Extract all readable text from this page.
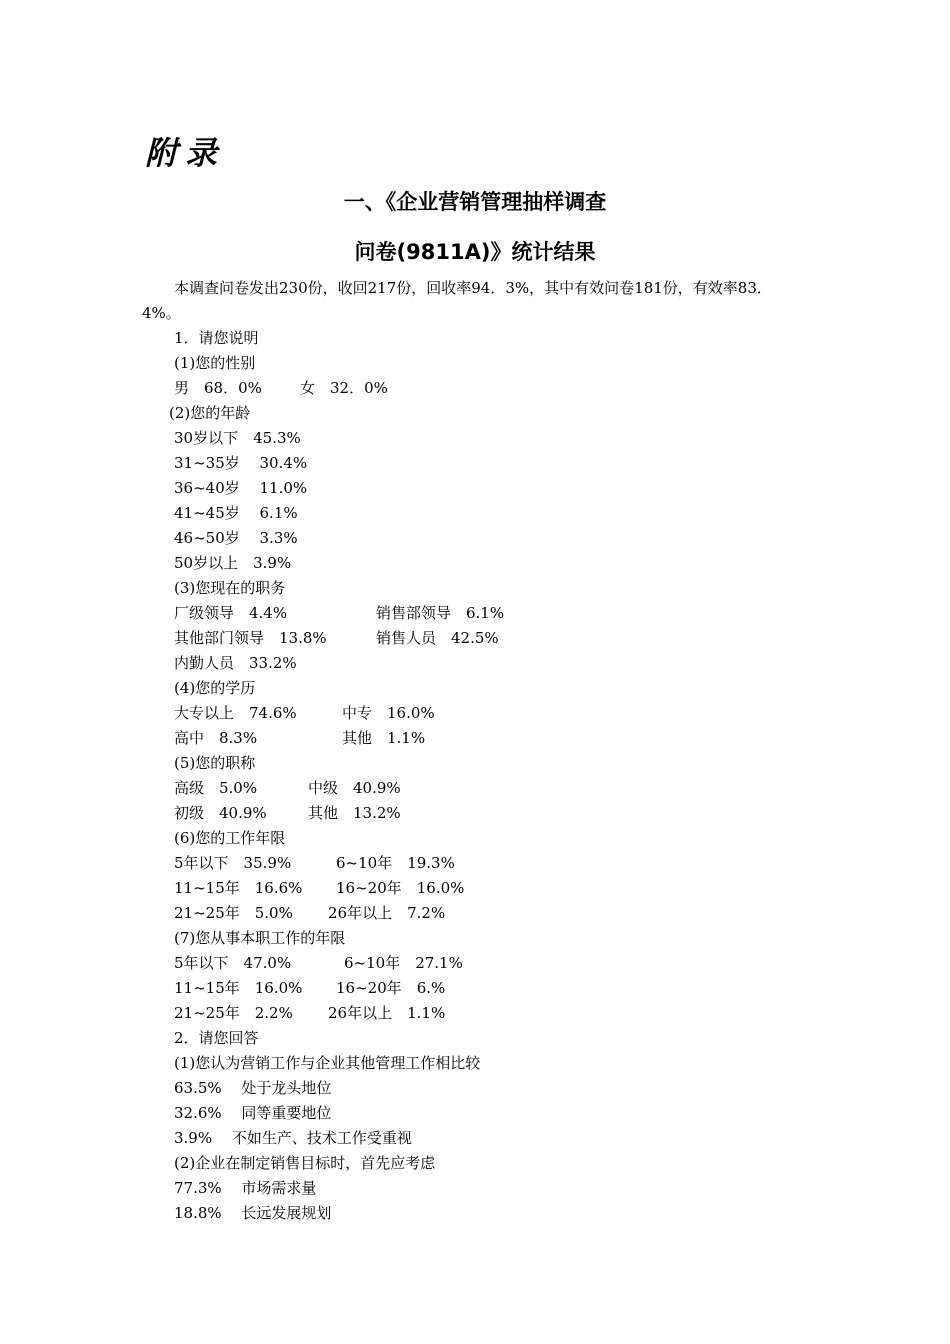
附录
一、《企业营销管理抽样调查
问卷(9811A)》统计结果

本调查问卷发出230份，收回217份，回收率94．3%，其中有效问卷181份，有效率83．4%。

1．请您说明
(1)您的性别
男　68．0%	女　32．0%
(2)您的年龄
30岁以下　45.3%
31~35岁　 30.4%
36~40岁　 11.0%
41~45岁　 6.1%
46~50岁　 3.3%
50岁以上　3.9%
(3)您现在的职务
厂级领导　4.4%	销售部领导　6.1%
其他部门领导　13.8%	销售人员　42.5%
内勤人员　33.2%
(4)您的学历
大专以上　74.6%	中专　16.0%
高中　8.3%	其他　1.1%
(5)您的职称
高级　5.0%	中级　40.9%
初级　40.9%	其他　13.2%
(6)您的工作年限
5年以下　35.9%	6~10年　19.3%
11~15年　16.6% 16~20年　16.0%
21~25年　5.0% 26年以上　7.2%
(7)您从事本职工作的年限
5年以下　47.0%	6~10年　27.1%
11~15年　16.0% 16~20年　6.%
21~25年　2.2% 26年以上　1.1%
2．请您回答
(1)您认为营销工作与企业其他管理工作相比较
63.5%　 处于龙头地位
32.6%　 同等重要地位
3.9%　 不如生产、技术工作受重视
(2)企业在制定销售目标时，首先应考虑
77.3%　 市场需求量
18.8%　 长远发展规划
